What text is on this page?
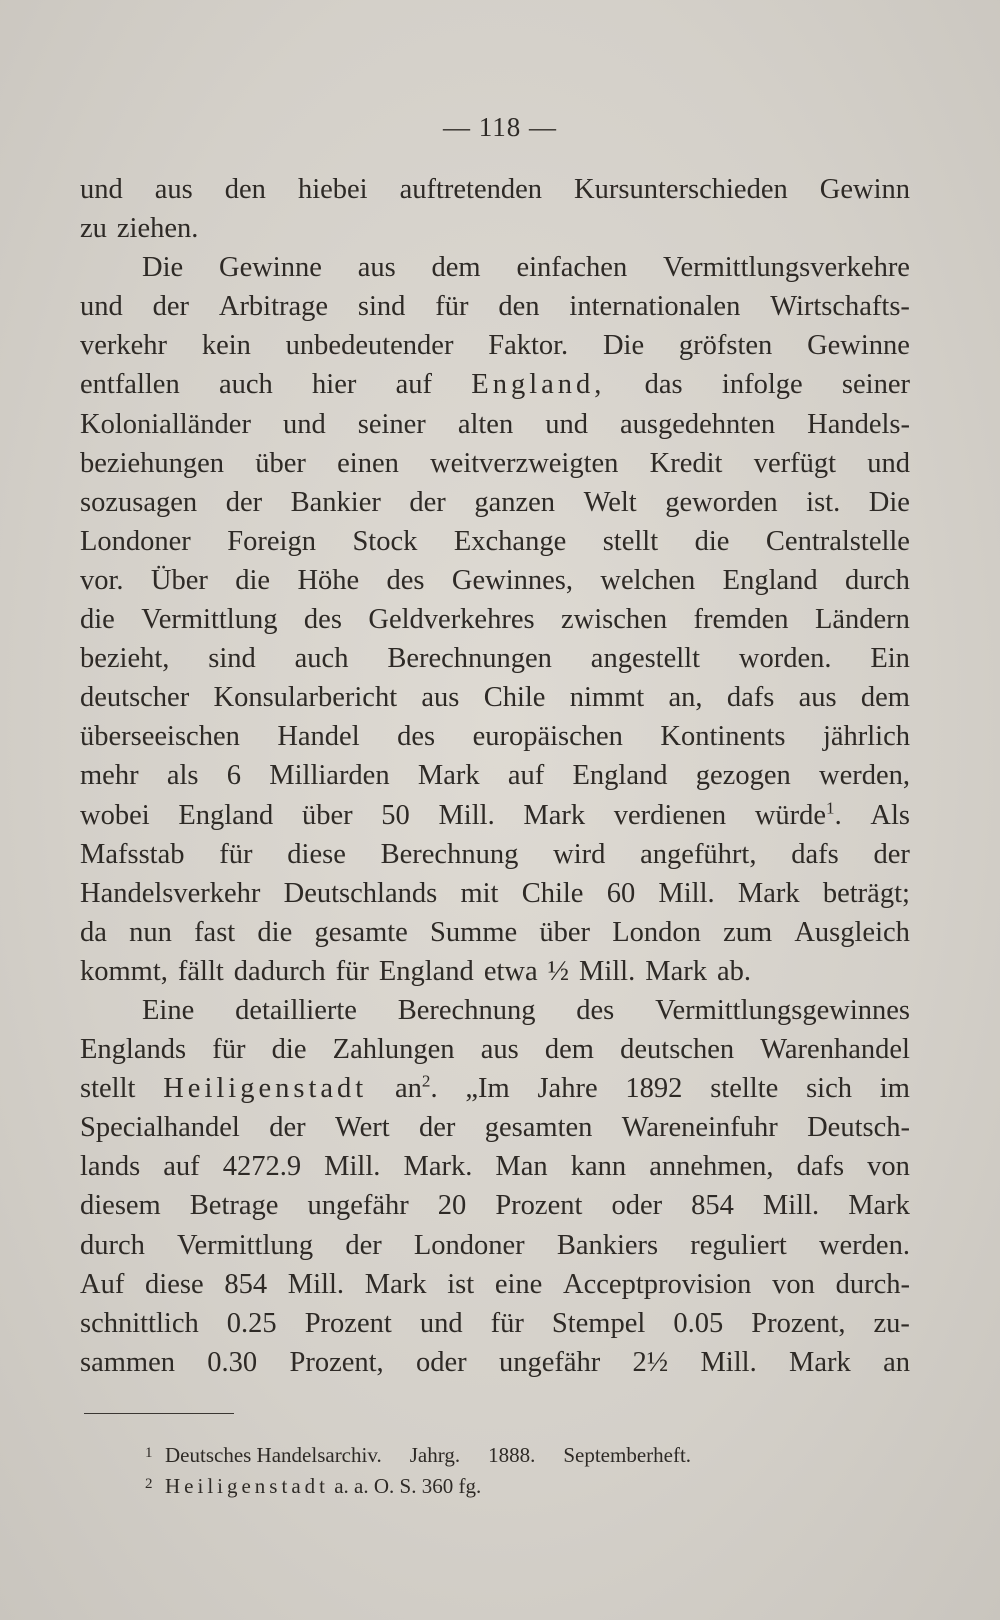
— 118 —
und aus den hiebei auftretenden Kursunterschieden Gewinn
zu ziehen.
Die Gewinne aus dem einfachen Vermittlungsverkehre
und der Arbitrage sind für den internationalen Wirtschafts-
verkehr kein unbedeutender Faktor. Die gröfsten Gewinne
entfallen auch hier auf England, das infolge seiner
Kolonialländer und seiner alten und ausgedehnten Handels-
beziehungen über einen weitverzweigten Kredit verfügt und
sozusagen der Bankier der ganzen Welt geworden ist. Die
Londoner Foreign Stock Exchange stellt die Centralstelle
vor. Über die Höhe des Gewinnes, welchen England durch
die Vermittlung des Geldverkehres zwischen fremden Ländern
bezieht, sind auch Berechnungen angestellt worden. Ein
deutscher Konsularbericht aus Chile nimmt an, dafs aus dem
überseeischen Handel des europäischen Kontinents jährlich
mehr als 6 Milliarden Mark auf England gezogen werden,
wobei England über 50 Mill. Mark verdienen würde$^1$. Als
Mafsstab für diese Berechnung wird angeführt, dafs der
Handelsverkehr Deutschlands mit Chile 60 Mill. Mark beträgt;
da nun fast die gesamte Summe über London zum Ausgleich
kommt, fällt dadurch für England etwa ½ Mill. Mark ab.
Eine detaillierte Berechnung des Vermittlungsgewinnes
Englands für die Zahlungen aus dem deutschen Warenhandel
stellt Heiligenstadt $an^2$. „Im Jahre 1892 stellte sich im
Specialhandel der Wert der gesamten Wareneinfuhr Deutsch-
lands auf 4272.9 Mill. Mark. Man kann annehmen, dafs von
diesem Betrage ungefähr 20 Prozent oder 854 Mill. Mark
durch Vermittlung der Londoner Bankiers reguliert werden.
Auf diese 854 Mill. Mark ist eine Acceptprovision von durch-
schnittlich 0.25 Prozent und für Stempel 0.05 Prozent, zu-
sammen 0.30 Prozent, oder ungefähr 2½ Mill. Mark an
1 Deutsches Handelsarchiv. Jahrg. 1888. Septemberheft.
2 Heiligenstadt a. a. O. S. 360 fg.
